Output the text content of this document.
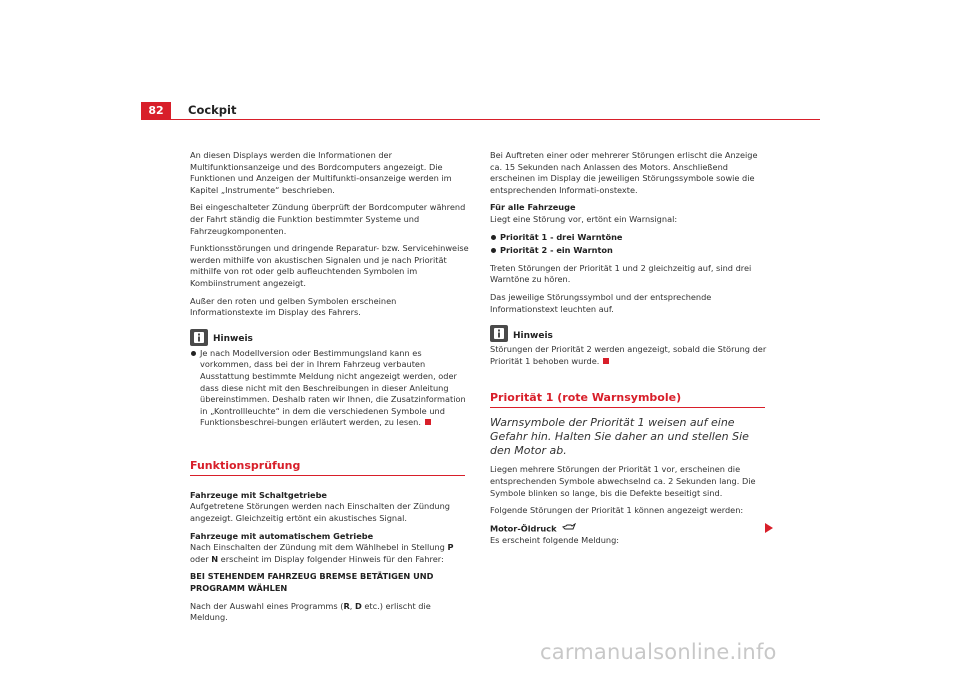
82	Cockpit

An diesen Displays werden die Informationen der Multifunktionsanzeige und des Bordcomputers angezeigt. Die Funktionen und Anzeigen der Multifunkti-onsanzeige werden im Kapitel „Instrumente“ beschrieben.

Bei eingeschalteter Zündung überprüft der Bordcomputer während der Fahrt ständig die Funktion bestimmter Systeme und Fahrzeugkomponenten.

Funktionsstörungen und dringende Reparatur- bzw. Servicehinweise werden mithilfe von akustischen Signalen und je nach Priorität mithilfe von rot oder gelb aufleuchtenden Symbolen im Kombiinstrument angezeigt.

Außer den roten und gelben Symbolen erscheinen Informationstexte im Display des Fahrers.

Hinweis

Je nach Modellversion oder Bestimmungsland kann es vorkommen, dass bei der in Ihrem Fahrzeug verbauten Ausstattung bestimmte Meldung nicht angezeigt werden, oder dass diese nicht mit den Beschreibungen in dieser Anleitung übereinstimmen. Deshalb raten wir Ihnen, die Zusatzinformation in „Kontrollleuchte“ in dem die verschiedenen Symbole und Funktionsbeschrei-bungen erläutert werden, zu lesen.

Funktionsprüfung
Fahrzeuge mit Schaltgetriebe

Aufgetretene Störungen werden nach Einschalten der Zündung angezeigt. Gleichzeitig ertönt ein akustisches Signal.

Fahrzeuge mit automatischem Getriebe

Nach Einschalten der Zündung mit dem Wählhebel in Stellung P oder N erscheint im Display folgender Hinweis für den Fahrer:

BEI STEHENDEM FAHRZEUG BREMSE BETÄTIGEN UND PROGRAMM WÄHLEN

Nach der Auswahl eines Programms (R, D etc.) erlischt die Meldung.

Bei Auftreten einer oder mehrerer Störungen erlischt die Anzeige ca. 15 Sekunden nach Anlassen des Motors. Anschließend erscheinen im Display die jeweiligen Störungssymbole sowie die entsprechenden Informati-onstexte.

Für alle Fahrzeuge

Liegt eine Störung vor, ertönt ein Warnsignal:

Priorität 1 - drei Warntöne
Priorität 2 - ein Warnton

Treten Störungen der Priorität 1 und 2 gleichzeitig auf, sind drei Warntöne zu hören.

Das jeweilige Störungssymbol und der entsprechende Informationstext leuchten auf.

Hinweis

Störungen der Priorität 2 werden angezeigt, sobald die Störung der Priorität 1 behoben wurde.

Priorität 1 (rote Warnsymbole)
Warnsymbole der Priorität 1 weisen auf eine Gefahr hin. Halten Sie daher an und stellen Sie den Motor ab.

Liegen mehrere Störungen der Priorität 1 vor, erscheinen die entsprechenden Symbole abwechselnd ca. 2 Sekunden lang. Die Symbole blinken so lange, bis die Defekte beseitigt sind.

Folgende Störungen der Priorität 1 können angezeigt werden:

Motor-Öldruck

Es erscheint folgende Meldung:

carmanualsonline.info
